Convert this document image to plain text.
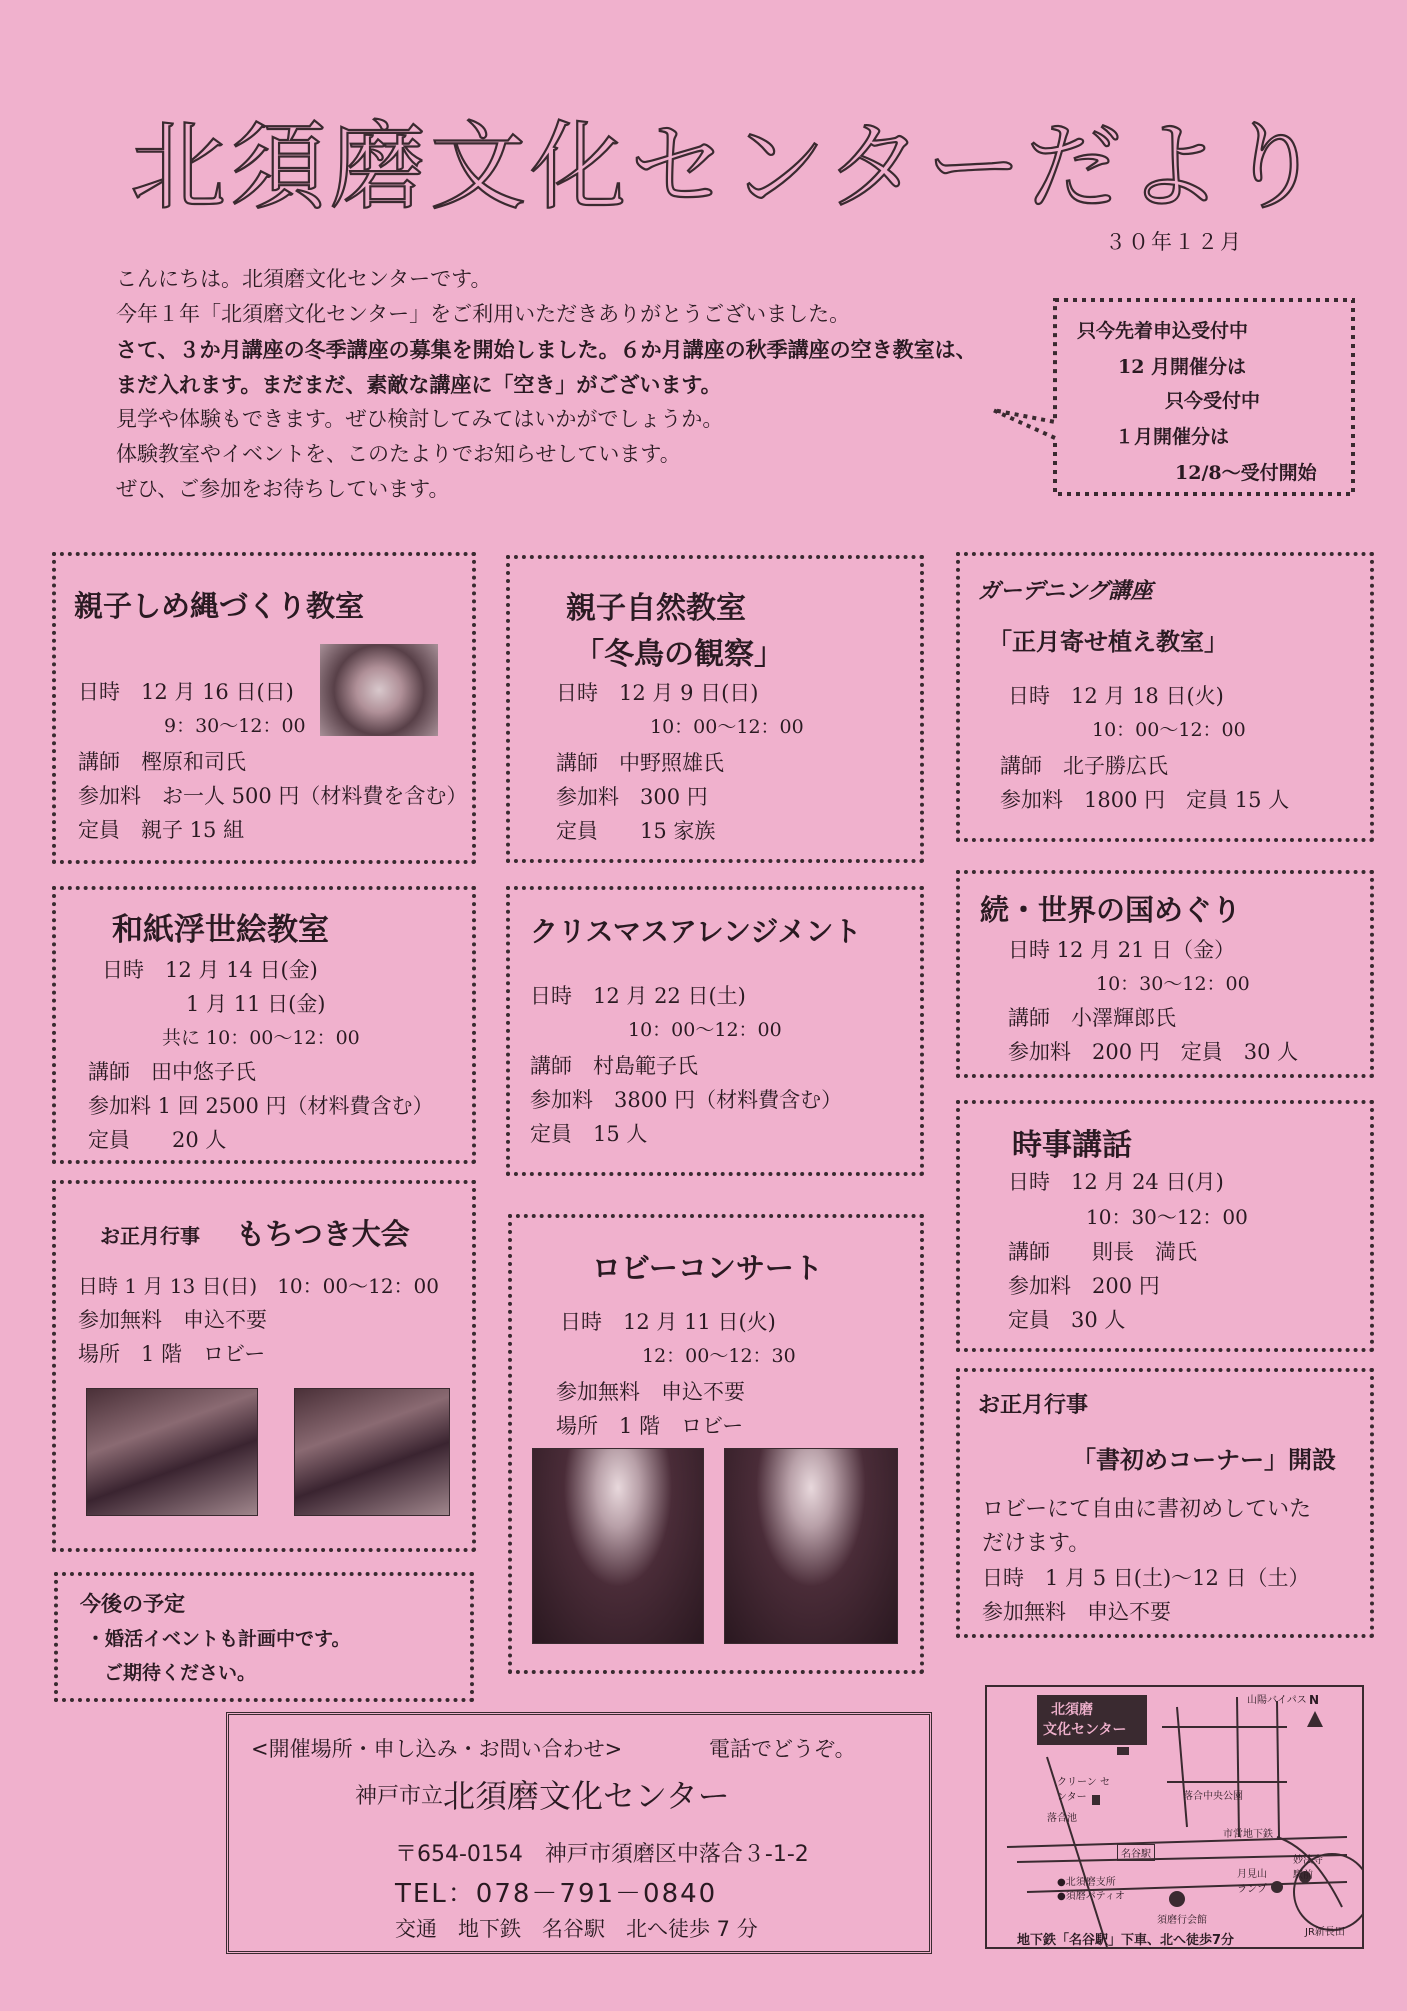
北須磨文化センターだより
３０年１２月

こんにちは。北須磨文化センターです。

今年１年「北須磨文化センター」をご利用いただきありがとうございました。

さて、３か月講座の冬季講座の募集を開始しました。６か月講座の秋季講座の空き教室は、

まだ入れます。まだまだ、素敵な講座に「空き」がございます。

見学や体験もできます。ぜひ検討してみてはいかがでしょうか。

体験教室やイベントを、このたよりでお知らせしています。

ぜひ、ご参加をお待ちしています。

只今先着申込受付中
12 月開催分は
只今受付中
１月開催分は
12/8～受付開始
親子しめ縄づくり教室
日時　12 月 16 日(日)
9：30～12：00
講師　樫原和司氏
参加料　お一人 500 円（材料費を含む）
定員　親子 15 組
親子自然教室
「冬鳥の観察」
日時　12 月 9 日(日)
10：00～12：00
講師　中野照雄氏
参加料　300 円
定員　　15 家族
ガーデニング講座
「正月寄せ植え教室」
日時　12 月 18 日(火)
10：00～12：00
講師　北子勝広氏
参加料　1800 円　定員 15 人
和紙浮世絵教室
日時　12 月 14 日(金)
1 月 11 日(金)
共に 10：00～12：00
講師　田中悠子氏
参加料 1 回 2500 円（材料費含む）
定員　　20 人
クリスマスアレンジメント
日時　12 月 22 日(土)
10：00～12：00
講師　村島範子氏
参加料　3800 円（材料費含む）
定員　15 人
続・世界の国めぐり
日時 12 月 21 日（金）
10：30～12：00
講師　小澤輝郎氏
参加料　200 円　定員　30 人
お正月行事 もちつき大会
日時 1 月 13 日(日)　10：00～12：00
参加無料　申込不要
場所　1 階　ロビー
時事講話
日時　12 月 24 日(月)
10：30～12：00
講師　　則長　満氏
参加料　200 円
定員　30 人
ロビーコンサート
日時　12 月 11 日(火)
12：00～12：30
参加無料　申込不要
場所　1 階　ロビー
お正月行事
「書初めコーナー」開設
ロビーにて自由に書初めしていた
だけます。
日時　1 月 5 日(土)～12 日（土）
参加無料　申込不要
今後の予定
・婚活イベントも計画中です。
ご期待ください。
<開催場所・申し込み・お問い合わせ>	電話でどうぞ。
神戸市立 北須磨文化センター
〒654-0154　神戸市須磨区中落合３-1-2
TEL：078－791－0840
交通　地下鉄　名谷駅　北へ徒歩 7 分
北須磨
文化センター
山陽バイパス N
クリーン センター	落合中央公園
落合池
名谷駅
市営地下鉄
●北須磨支所
●須磨パティオ
妙法寺 駅前
月見山 ランプ
JR新長田
須磨行会館
地下鉄「名谷駅」下車、北へ徒歩7分
